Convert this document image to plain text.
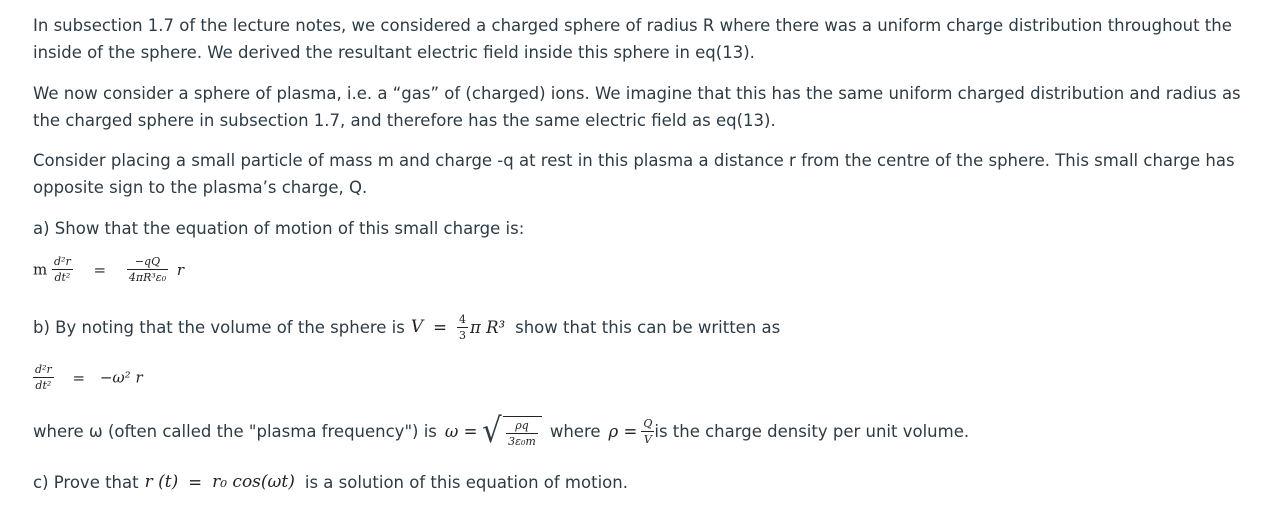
In subsection 1.7 of the lecture notes, we considered a charged sphere of radius R where there was a uniform charge distribution throughout the inside of the sphere. We derived the resultant electric field inside this sphere in eq(13).

We now consider a sphere of plasma, i.e. a “gas” of (charged) ions. We imagine that this has the same uniform charged distribution and radius as the charged sphere in subsection 1.7, and therefore has the same electric field as eq(13).

Consider placing a small particle of mass m and charge -q at rest in this plasma a distance r from the centre of the sphere. This small charge has opposite sign to the plasma’s charge, Q.

a) Show that the equation of motion of this small charge is:

m $\frac{\text{d²r}}{\text{dt²}} = \frac{-qQ}{\text{4πR³ε₀}}$ r
b) By noting that the volume of the sphere is $V = \frac{4}{3}$ π R³ show that this can be written as
$\frac{\text{d²r}}{\text{dt²}} = -\omega^2$ r
where ω (often called the "plasma frequency") is ω = √ $\frac{\rho q}{\text{3ε₀m}}$ where $\rho = \frac{Q}{V}$ is the charge density per unit volume.
c) Prove that r (t) = r₀ cos(ωt) is a solution of this equation of motion.
